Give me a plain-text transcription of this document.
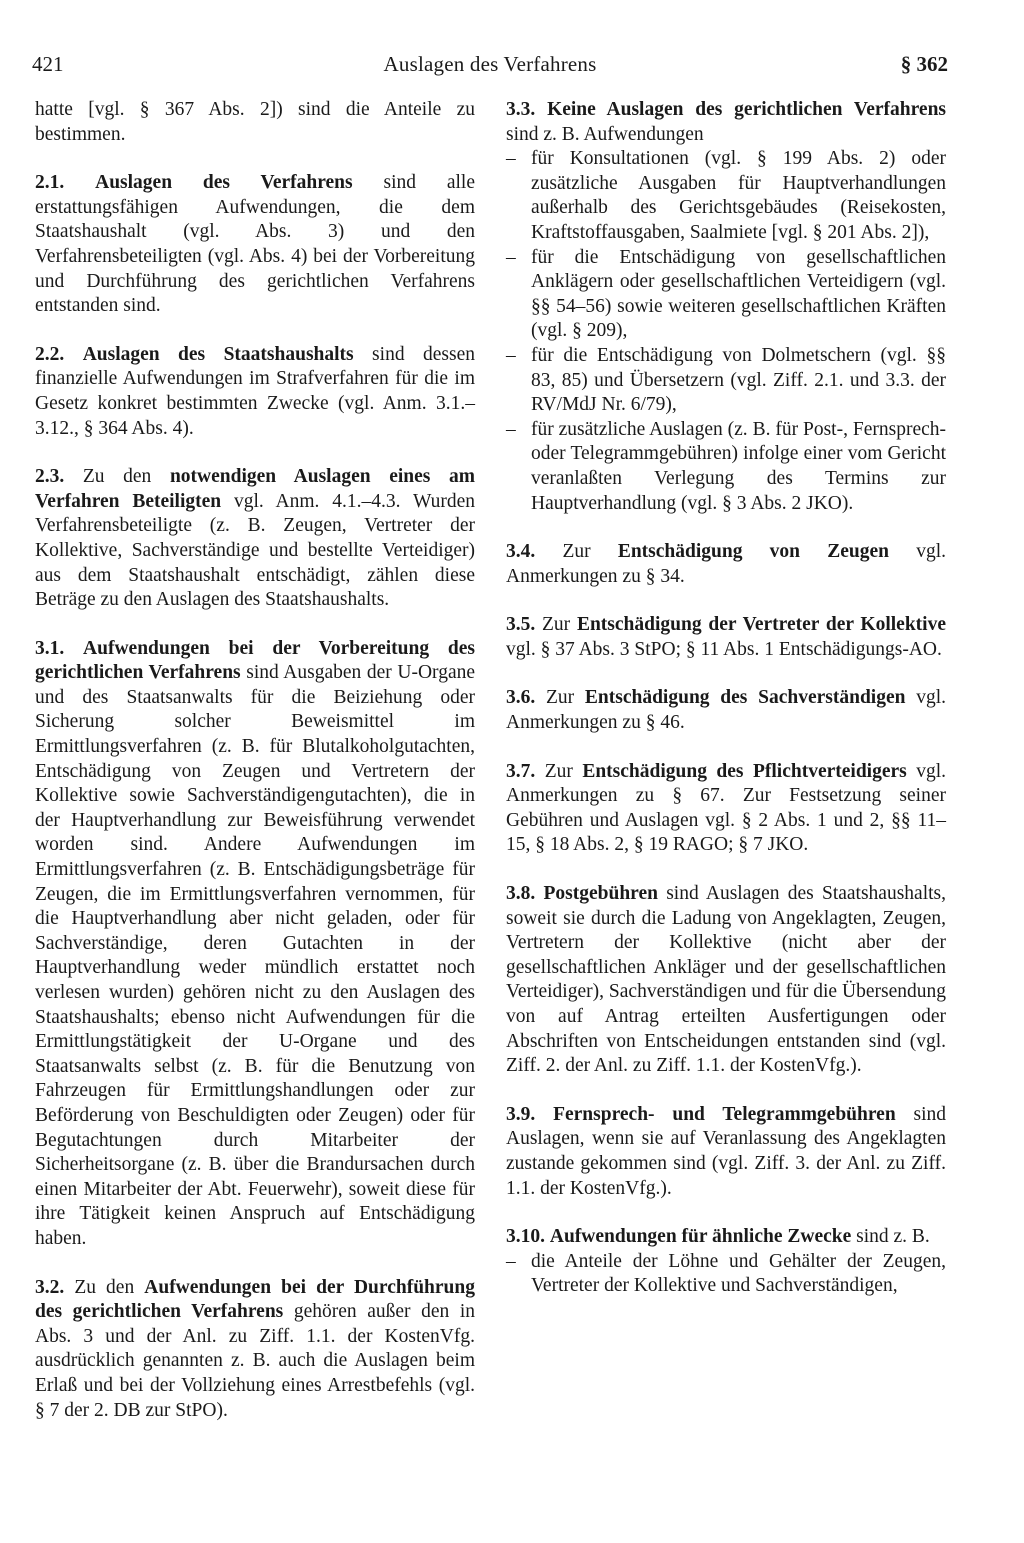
421	Auslagen des Verfahrens	§ 362

hatte [vgl. § 367 Abs. 2]) sind die Anteile zu bestimmen.

2.1. Auslagen des Verfahrens sind alle erstattungsfähigen Aufwendungen, die dem Staatshaushalt (vgl. Abs. 3) und den Verfahrensbeteiligten (vgl. Abs. 4) bei der Vorbereitung und Durchführung des gerichtlichen Verfahrens entstanden sind.

2.2. Auslagen des Staatshaushalts sind dessen finanzielle Aufwendungen im Strafverfahren für die im Gesetz konkret bestimmten Zwecke (vgl. Anm. 3.1.–3.12., § 364 Abs. 4).

2.3. Zu den notwendigen Auslagen eines am Verfahren Beteiligten vgl. Anm. 4.1.–4.3. Wurden Verfahrensbeteiligte (z. B. Zeugen, Vertreter der Kollektive, Sachverständige und bestellte Verteidiger) aus dem Staatshaushalt entschädigt, zählen diese Beträge zu den Auslagen des Staatshaushalts.

3.1. Aufwendungen bei der Vorbereitung des gerichtlichen Verfahrens sind Ausgaben der U-Organe und des Staatsanwalts für die Beiziehung oder Sicherung solcher Beweismittel im Ermittlungsverfahren (z. B. für Blutalkoholgutachten, Entschädigung von Zeugen und Vertretern der Kollektive sowie Sachverständigengutachten), die in der Hauptverhandlung zur Beweisführung verwendet worden sind. Andere Aufwendungen im Ermittlungsverfahren (z. B. Entschädigungsbeträge für Zeugen, die im Ermittlungsverfahren vernommen, für die Hauptverhandlung aber nicht geladen, oder für Sachverständige, deren Gutachten in der Hauptverhandlung weder mündlich erstattet noch verlesen wurden) gehören nicht zu den Auslagen des Staatshaushalts; ebenso nicht Aufwendungen für die Ermittlungstätigkeit der U-Organe und des Staatsanwalts selbst (z. B. für die Benutzung von Fahrzeugen für Ermittlungshandlungen oder zur Beförderung von Beschuldigten oder Zeugen) oder für Begutachtungen durch Mitarbeiter der Sicherheitsorgane (z. B. über die Brandursachen durch einen Mitarbeiter der Abt. Feuerwehr), soweit diese für ihre Tätigkeit keinen Anspruch auf Entschädigung haben.

3.2. Zu den Aufwendungen bei der Durchführung des gerichtlichen Verfahrens gehören außer den in Abs. 3 und der Anl. zu Ziff. 1.1. der KostenVfg. ausdrücklich genannten z. B. auch die Auslagen beim Erlaß und bei der Vollziehung eines Arrestbefehls (vgl. § 7 der 2. DB zur StPO).

3.3. Keine Auslagen des gerichtlichen Verfahrens sind z. B. Aufwendungen

– für Konsultationen (vgl. § 199 Abs. 2) oder zusätzliche Ausgaben für Hauptverhandlungen außerhalb des Gerichtsgebäudes (Reisekosten, Kraftstoffausgaben, Saalmiete [vgl. § 201 Abs. 2]),
– für die Entschädigung von gesellschaftlichen Anklägern oder gesellschaftlichen Verteidigern (vgl. §§ 54–56) sowie weiteren gesellschaftlichen Kräften (vgl. § 209),
– für die Entschädigung von Dolmetschern (vgl. §§ 83, 85) und Übersetzern (vgl. Ziff. 2.1. und 3.3. der RV/MdJ Nr. 6/79),
– für zusätzliche Auslagen (z. B. für Post-, Fernsprech- oder Telegrammgebühren) infolge einer vom Gericht veranlaßten Verlegung des Termins zur Hauptverhandlung (vgl. § 3 Abs. 2 JKO).

3.4. Zur Entschädigung von Zeugen vgl. Anmerkungen zu § 34.

3.5. Zur Entschädigung der Vertreter der Kollektive vgl. § 37 Abs. 3 StPO; § 11 Abs. 1 Entschädigungs-AO.

3.6. Zur Entschädigung des Sachverständigen vgl. Anmerkungen zu § 46.

3.7. Zur Entschädigung des Pflichtverteidigers vgl. Anmerkungen zu § 67. Zur Festsetzung seiner Gebühren und Auslagen vgl. § 2 Abs. 1 und 2, §§ 11–15, § 18 Abs. 2, § 19 RAGO; § 7 JKO.

3.8. Postgebühren sind Auslagen des Staatshaushalts, soweit sie durch die Ladung von Angeklagten, Zeugen, Vertretern der Kollektive (nicht aber der gesellschaftlichen Ankläger und der gesellschaftlichen Verteidiger), Sachverständigen und für die Übersendung von auf Antrag erteilten Ausfertigungen oder Abschriften von Entscheidungen entstanden sind (vgl. Ziff. 2. der Anl. zu Ziff. 1.1. der KostenVfg.).

3.9. Fernsprech- und Telegrammgebühren sind Auslagen, wenn sie auf Veranlassung des Angeklagten zustande gekommen sind (vgl. Ziff. 3. der Anl. zu Ziff. 1.1. der KostenVfg.).

3.10. Aufwendungen für ähnliche Zwecke sind z. B.

– die Anteile der Löhne und Gehälter der Zeugen, Vertreter der Kollektive und Sachverständigen,
